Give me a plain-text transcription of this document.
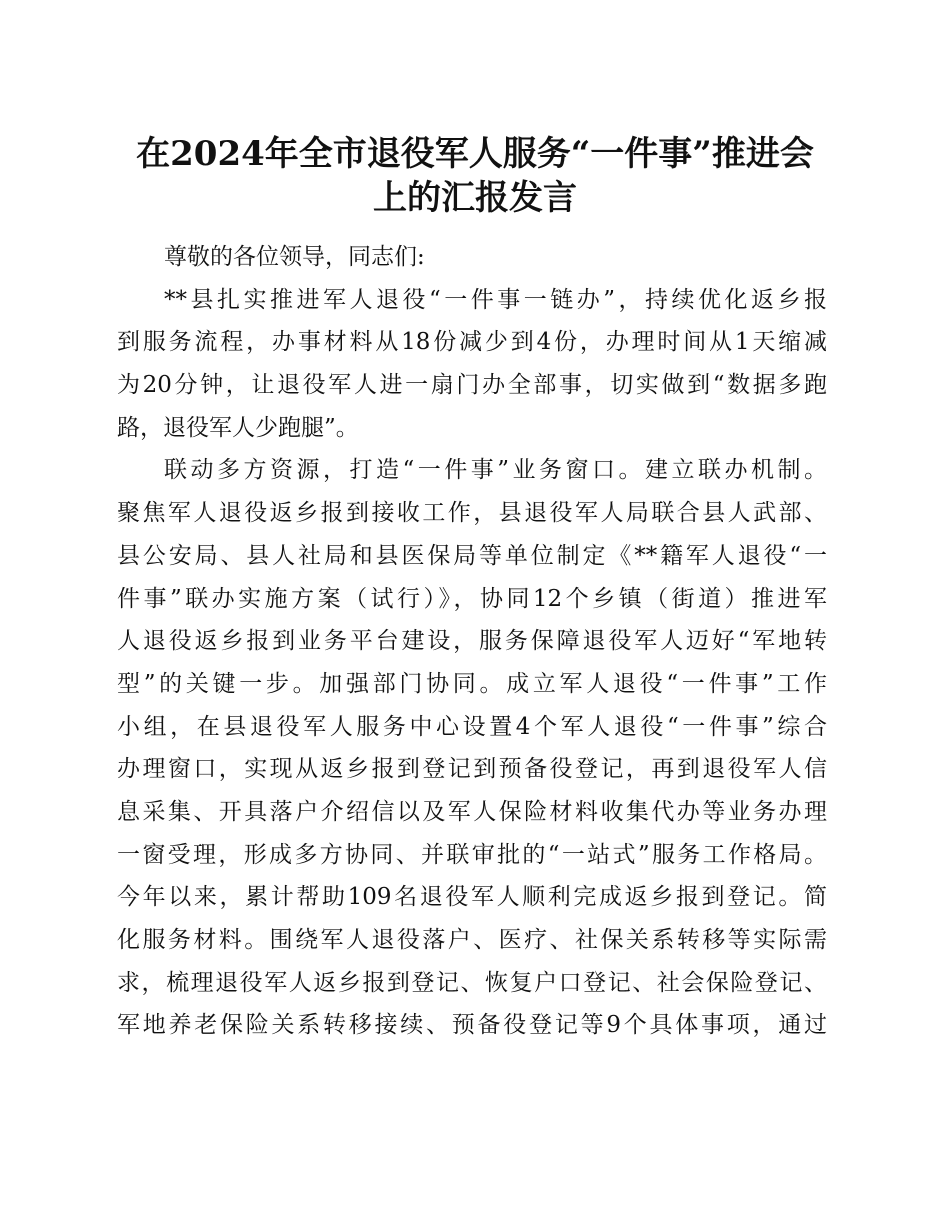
在2024年全市退役军人服务“一件事”推进会
上的汇报发言
尊敬的各位领导，同志们:
**县扎实推进军人退役“一件事一链办”，持续优化返乡报
到服务流程，办事材料从18份减少到4份，办理时间从1天缩减
为20分钟，让退役军人进一扇门办全部事，切实做到“数据多跑
路，退役军人少跑腿”。
联动多方资源，打造“一件事”业务窗口。建立联办机制。
聚焦军人退役返乡报到接收工作，县退役军人局联合县人武部、
县公安局、县人社局和县医保局等单位制定《**籍军人退役“一
件事”联办实施方案（试行）》，协同12个乡镇（街道）推进军
人退役返乡报到业务平台建设，服务保障退役军人迈好“军地转
型”的关键一步。加强部门协同。成立军人退役“一件事”工作
小组，在县退役军人服务中心设置4个军人退役“一件事”综合
办理窗口，实现从返乡报到登记到预备役登记，再到退役军人信
息采集、开具落户介绍信以及军人保险材料收集代办等业务办理
一窗受理，形成多方协同、并联审批的“一站式”服务工作格局。
今年以来，累计帮助109名退役军人顺利完成返乡报到登记。简
化服务材料。围绕军人退役落户、医疗、社保关系转移等实际需
求，梳理退役军人返乡报到登记、恢复户口登记、社会保险登记、
军地养老保险关系转移接续、预备役登记等9个具体事项，通过
